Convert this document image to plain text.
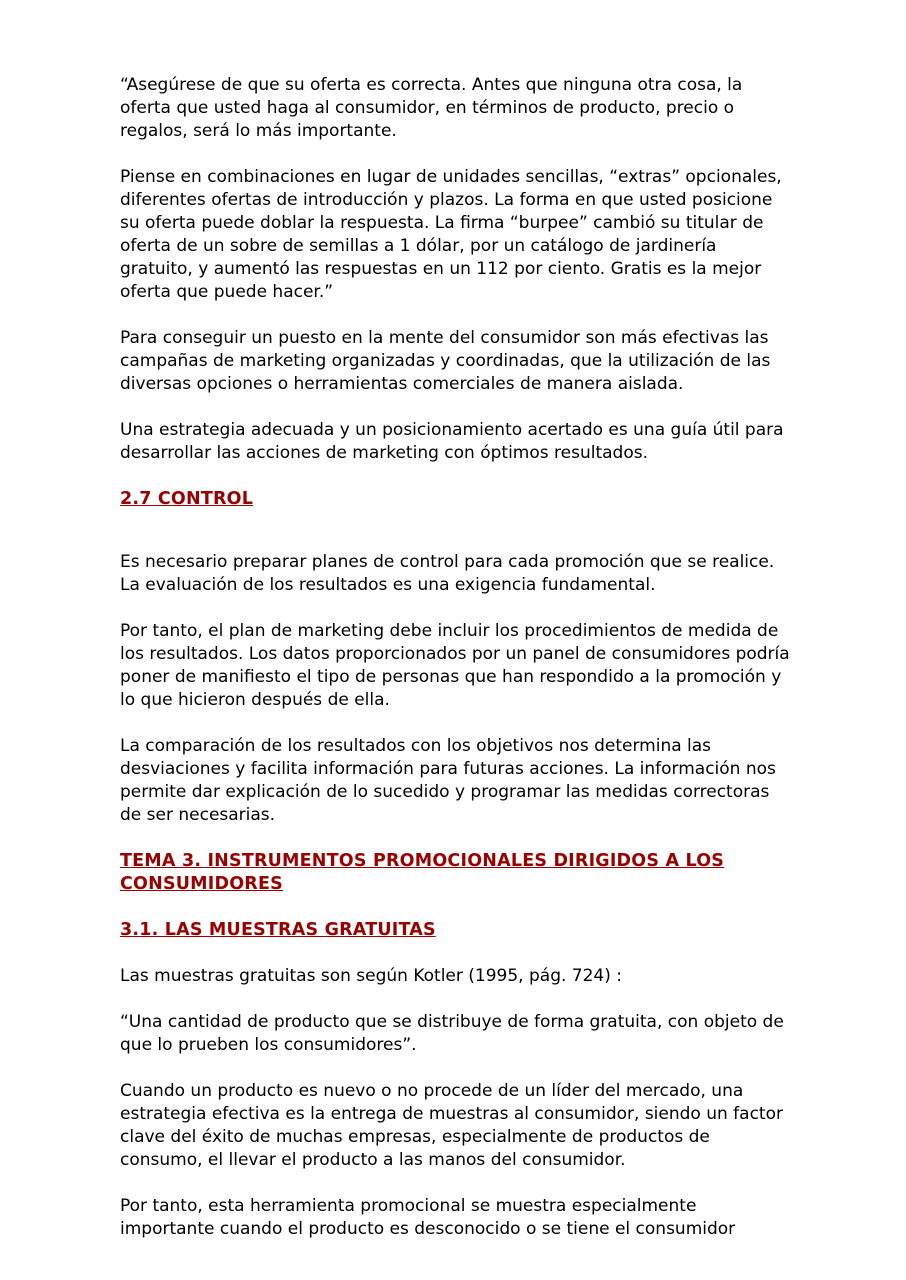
“Asegúrese de que su oferta es correcta. Antes que ninguna otra cosa, la oferta que usted haga al consumidor, en términos de producto, precio o regalos, será lo más importante.

Piense en combinaciones en lugar de unidades sencillas, “extras” opcionales, diferentes ofertas de introducción y plazos. La forma en que usted posicione su oferta puede doblar la respuesta. La firma “burpee” cambió su titular de oferta de un sobre de semillas a 1 dólar, por un catálogo de jardinería gratuito, y aumentó las respuestas en un 112 por ciento. Gratis es la mejor oferta que puede hacer.”

Para conseguir un puesto en la mente del consumidor son más efectivas las campañas de marketing organizadas y coordinadas, que la utilización de las diversas opciones o herramientas comerciales de manera aislada.

Una estrategia adecuada y un posicionamiento acertado es una guía útil para desarrollar las acciones de marketing con óptimos resultados.

2.7 CONTROL

Es necesario preparar planes de control para cada promoción que se realice. La evaluación de los resultados es una exigencia fundamental.

Por tanto, el plan de marketing debe incluir los procedimientos de medida de los resultados. Los datos proporcionados por un panel de consumidores podría poner de manifiesto el tipo de personas que han respondido a la promoción y lo que hicieron después de ella.

La comparación de los resultados con los objetivos nos determina las desviaciones y facilita información para futuras acciones. La información nos permite dar explicación de lo sucedido y programar las medidas correctoras de ser necesarias.

TEMA 3. INSTRUMENTOS PROMOCIONALES DIRIGIDOS A LOS CONSUMIDORES
3.1. LAS MUESTRAS GRATUITAS

Las muestras gratuitas son según Kotler (1995, pág. 724) :

“Una cantidad de producto que se distribuye de forma gratuita, con objeto de que lo prueben los consumidores”.

Cuando un producto es nuevo o no procede de un líder del mercado, una estrategia efectiva es la entrega de muestras al consumidor, siendo un factor clave del éxito de muchas empresas, especialmente de productos de consumo, el llevar el producto a las manos del consumidor.

Por tanto, esta herramienta promocional se muestra especialmente importante cuando el producto es desconocido o se tiene el consumidor
